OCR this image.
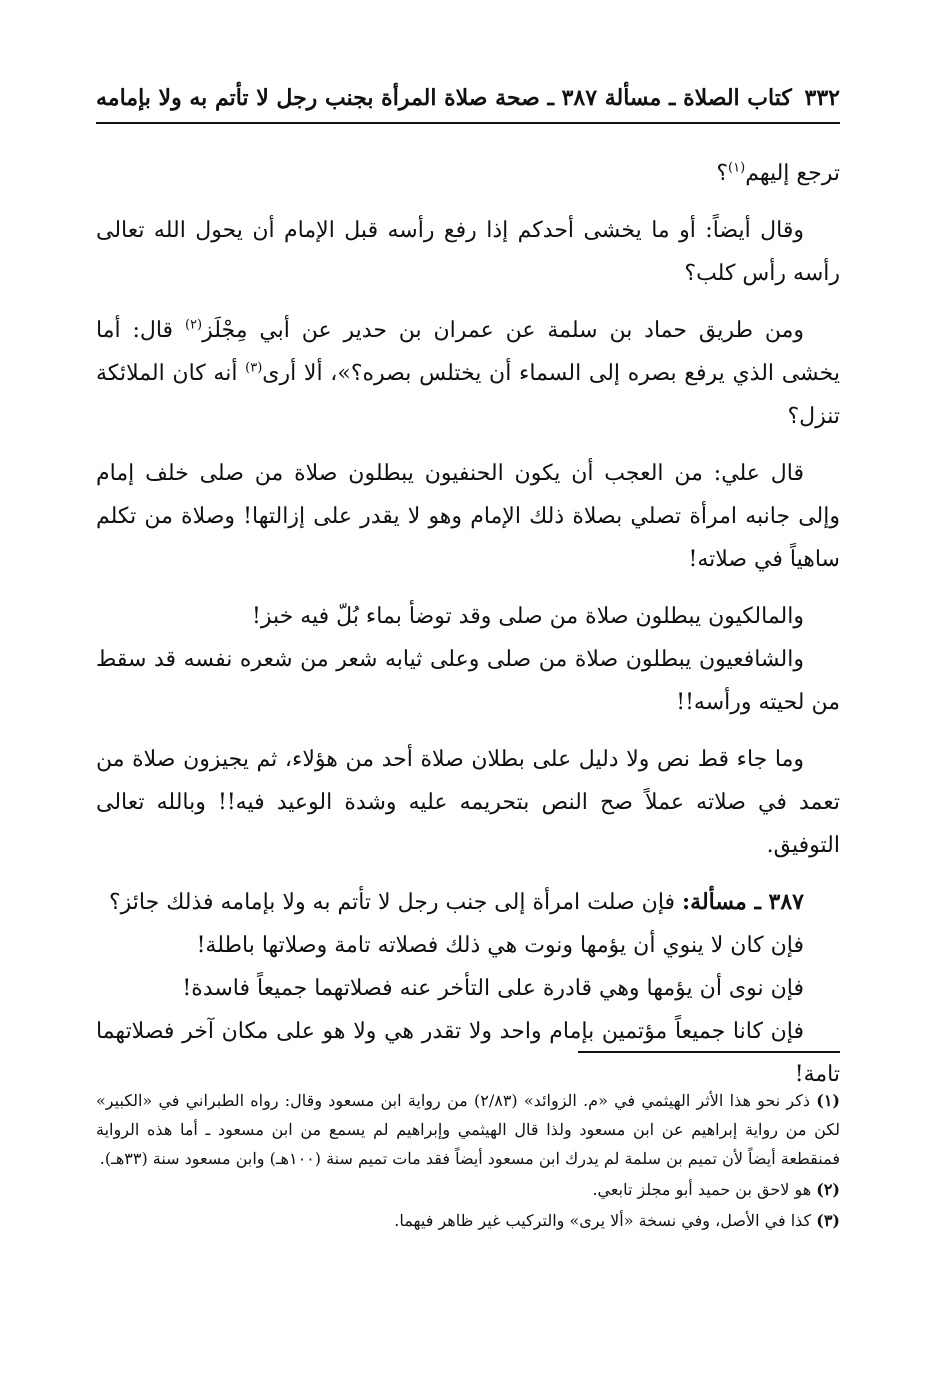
٣٣٢
كتاب الصلاة ـ مسألة ٣٨٧ ـ صحة صلاة المرأة بجنب رجل لا تأتم به ولا بإمامه

ترجع إليهم$^{(١)}$؟

وقال أيضاً: أو ما يخشى أحدكم إذا رفع رأسه قبل الإمام أن يحول الله تعالى رأسه رأس كلب؟

ومن طريق حماد بن سلمة عن عمران بن حدير عن أبي مِجْلَز$^{(٢)}$ قال: أما يخشى الذي يرفع بصره إلى السماء أن يختلس بصره؟»، ألا أرى$^{(٣)}$ أنه كان الملائكة تنزل؟

قال علي: من العجب أن يكون الحنفيون يبطلون صلاة من صلى خلف إمام وإلى جانبه امرأة تصلي بصلاة ذلك الإمام وهو لا يقدر على إزالتها! وصلاة من تكلم ساهياً في صلاته!

والمالكيون يبطلون صلاة من صلى وقد توضأ بماء بُلّ فيه خبز!

والشافعيون يبطلون صلاة من صلى وعلى ثيابه شعر من شعره نفسه قد سقط من لحيته ورأسه!!

وما جاء قط نص ولا دليل على بطلان صلاة أحد من هؤلاء، ثم يجيزون صلاة من تعمد في صلاته عملاً صح النص بتحريمه عليه وشدة الوعيد فيه!! وبالله تعالى التوفيق.

٣٨٧ ـ مسألة: فإن صلت امرأة إلى جنب رجل لا تأتم به ولا بإمامه فذلك جائز؟

فإن كان لا ينوي أن يؤمها ونوت هي ذلك فصلاته تامة وصلاتها باطلة!

فإن نوى أن يؤمها وهي قادرة على التأخر عنه فصلاتهما جميعاً فاسدة!

فإن كانا جميعاً مؤتمين بإمام واحد ولا تقدر هي ولا هو على مكان آخر فصلاتهما تامة!

(١) ذكر نحو هذا الأثر الهيثمي في «م. الزوائد» (٢/٨٣) من رواية ابن مسعود وقال: رواه الطبراني في «الكبير» لكن من رواية إبراهيم عن ابن مسعود ولذا قال الهيثمي وإبراهيم لم يسمع من ابن مسعود ـ أما هذه الرواية فمنقطعة أيضاً لأن تميم بن سلمة لم يدرك ابن مسعود أيضاً فقد مات تميم سنة (١٠٠هـ) وابن مسعود سنة (٣٣هـ).

(٢) هو لاحق بن حميد أبو مجلز تابعي.

(٣) كذا في الأصل، وفي نسخة «ألا يرى» والتركيب غير ظاهر فيهما.
